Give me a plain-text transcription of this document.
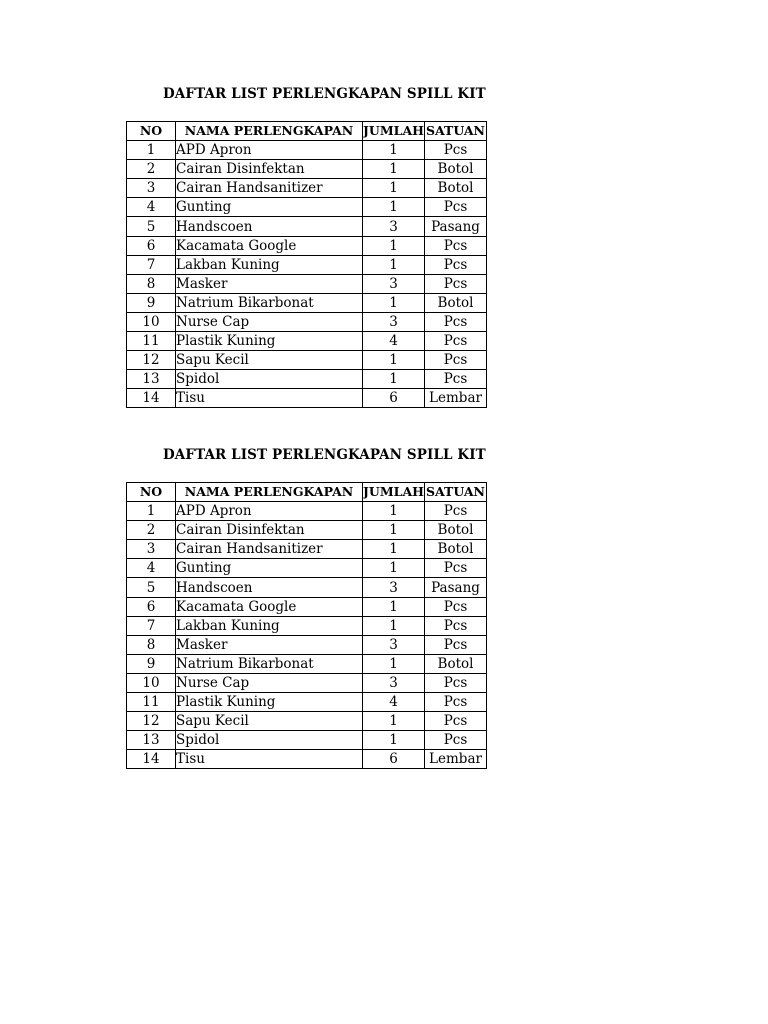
DAFTAR LIST PERLENGKAPAN SPILL KIT
NO	NAMA PERLENGKAPAN	JUMLAH	SATUAN
1	APD Apron	1	Pcs
2	Cairan Disinfektan	1	Botol
3	Cairan Handsanitizer	1	Botol
4	Gunting	1	Pcs
5	Handscoen	3	Pasang
6	Kacamata Google	1	Pcs
7	Lakban Kuning	1	Pcs
8	Masker	3	Pcs
9	Natrium Bikarbonat	1	Botol
10	Nurse Cap	3	Pcs
11	Plastik Kuning	4	Pcs
12	Sapu Kecil	1	Pcs
13	Spidol	1	Pcs
14	Tisu	6	Lembar
DAFTAR LIST PERLENGKAPAN SPILL KIT
NO	NAMA PERLENGKAPAN	JUMLAH	SATUAN
1	APD Apron	1	Pcs
2	Cairan Disinfektan	1	Botol
3	Cairan Handsanitizer	1	Botol
4	Gunting	1	Pcs
5	Handscoen	3	Pasang
6	Kacamata Google	1	Pcs
7	Lakban Kuning	1	Pcs
8	Masker	3	Pcs
9	Natrium Bikarbonat	1	Botol
10	Nurse Cap	3	Pcs
11	Plastik Kuning	4	Pcs
12	Sapu Kecil	1	Pcs
13	Spidol	1	Pcs
14	Tisu	6	Lembar
